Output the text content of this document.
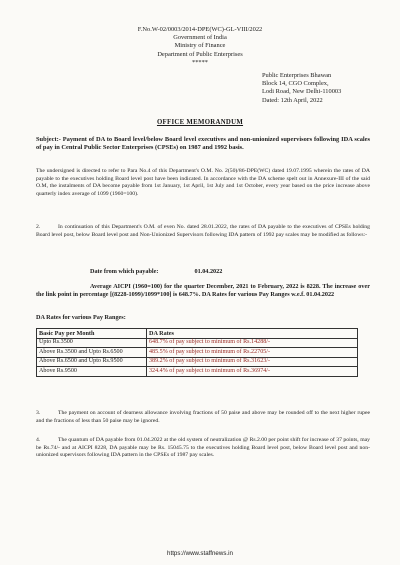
F.No.W-02/0003/2014-DPE(WC)-GL-VIII/2022
Government of India
Ministry of Finance
Department of Public Enterprises
*****
Public Enterprises Bhawan
Block 14, CGO Complex,
Lodi Road, New Delhi-110003
Dated: 12th April, 2022
OFFICE MEMORANDUM
Subject:- Payment of DA to Board level/below Board level executives and non-unionized supervisors following IDA scales of pay in Central Public Sector Enterprises (CPSEs) on 1987 and 1992 basis.
The undersigned is directed to refer to Para No.4 of this Department's O.M. No. 2(50)/86-DPE(WC) dated 19.07.1995 wherein the rates of DA payable to the executives holding Board level post have been indicated. In accordance with the DA scheme spelt out in Annexure-III of the said O.M, the instalments of DA become payable from 1st January, 1st April, 1st July and 1st October, every year based on the price increase above quarterly index average of 1099 (1960=100).
2.	In continuation of this Department's O.M. of even No. dated 28.01.2022, the rates of DA payable to the executives of CPSEs holding Board level post, below Board level post and Non-Unionized Supervisors following IDA pattern of 1992 pay scales may be modified as follows:-
Date from which payable:	01.04.2022
Average AICPI (1960=100) for the quarter December, 2021 to February, 2022 is 8228. The increase over the link point in percentage [(8228-1099)/1099*100] is 648.7%. DA Rates for various Pay Ranges w.e.f. 01.04.2022
DA Rates for various Pay Ranges:
Basic Pay per Month	DA Rates
Upto Rs.3500	648.7% of pay subject to minimum of Rs.14288/-
Above Rs.3500 and Upto Rs.6500	485.5% of pay subject to minimum of Rs.22705/-
Above Rs.6500 and Upto Rs.9500	389.2% of pay subject to minimum of Rs.31623/-
Above Rs.9500	324.4% of pay subject to minimum of Rs.36974/-
3.	The payment on account of dearness allowance involving fractions of 50 paise and above may be rounded off to the next higher rupee and the fractions of less than 50 paise may be ignored.
4.	The quantum of DA payable from 01.04.2022 at the old system of neutralization @ Rs.2.00 per point shift for increase of 37 points, may be Rs.74/- and at AICPI 8228, DA payable may be Rs. 15045.75 to the executives holding Board level post, below Board level post and non-unionized supervisors following IDA pattern in the CPSEs of 1987 pay scales.
https://www.staffnews.in
